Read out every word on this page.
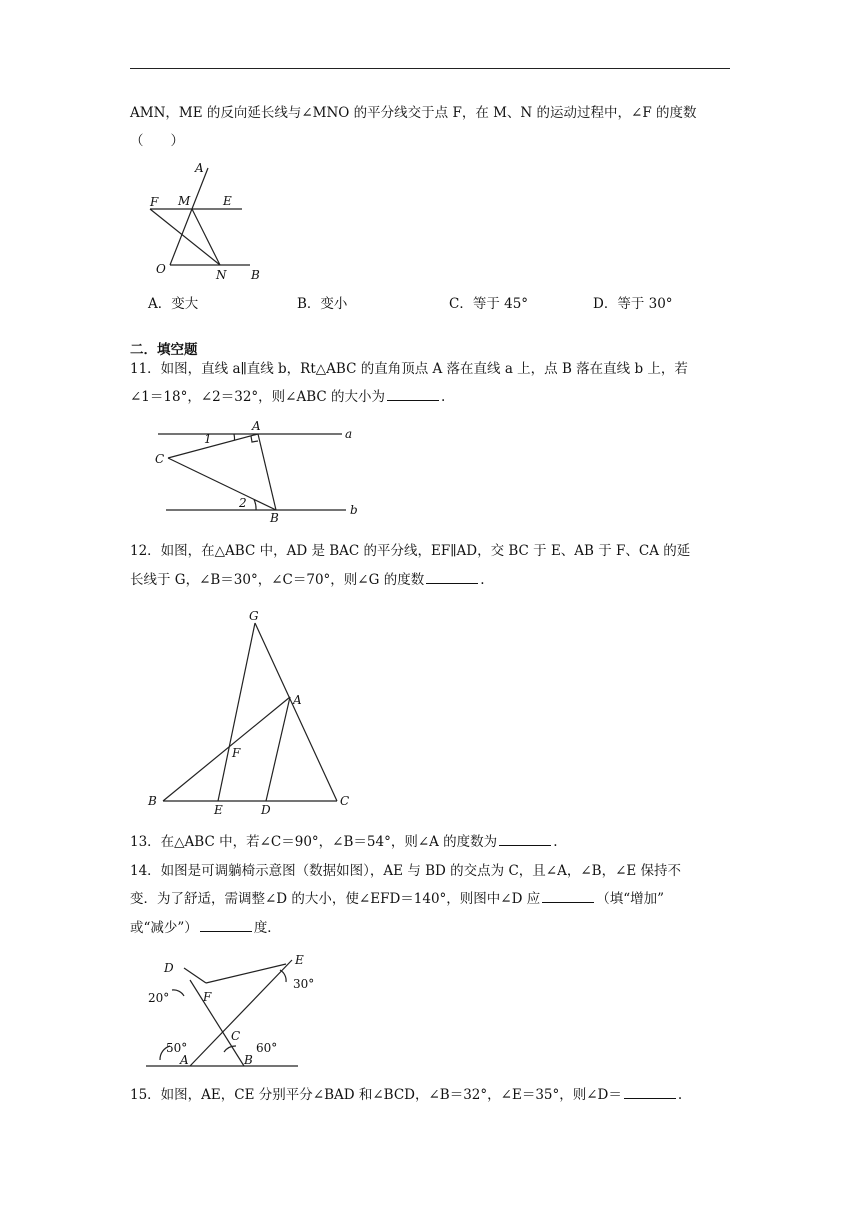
AMN，ME 的反向延长线与∠MNO 的平分线交于点 F，在 M、N 的运动过程中，∠F 的度数
（　　）
A
F M	E
O	N B
A．变大	B．变小	C．等于 45°	D．等于 30°
二．填空题
11．如图，直线 a∥直线 b，Rt△ABC 的直角顶点 A 落在直线 a 上，点 B 落在直线 b 上，若
∠1＝18°，∠2＝32°，则∠ABC 的大小为	.
1
A
a
C
2
B
b
12．如图，在△ABC 中，AD 是 BAC 的平分线，EF∥AD，交 BC 于 E、AB 于 F、CA 的延
长线于 G，∠B＝30°，∠C＝70°，则∠G 的度数	.
G
A
F
B
E	D
C
13．在△ABC 中，若∠C＝90°，∠B＝54°，则∠A 的度数为	.
14．如图是可调躺椅示意图（数据如图），AE 与 BD 的交点为 C，且∠A，∠B，∠E 保持不
变．为了舒适，需调整∠D 的大小，使∠EFD＝140°，则图中∠D 应	（填“增加”
或“减少”）	度．
D
E
F
C
A	B
20°
30°
50°	60°
15．如图，AE，CE 分别平分∠BAD 和∠BCD，∠B＝32°，∠E＝35°，则∠D＝	.
